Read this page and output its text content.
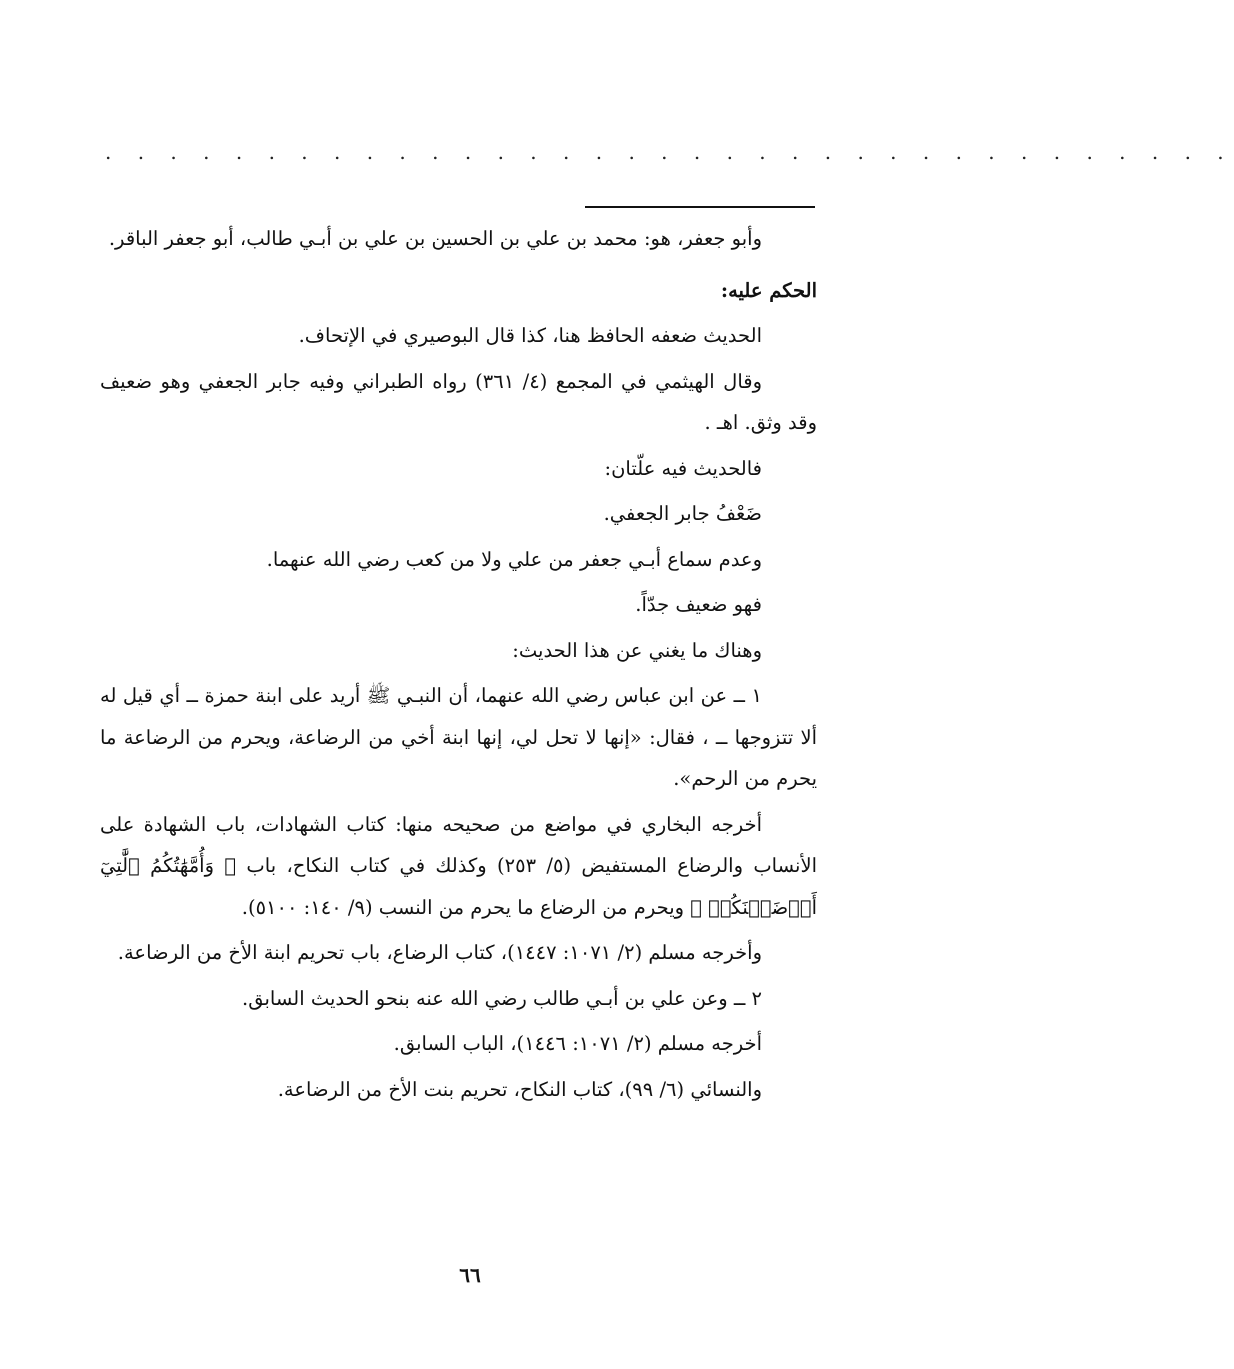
. . . . . . . . . . . . . . . . . . . . . . . . . . . . . . . . . . .

وأبو جعفر، هو: محمد بن علي بن الحسين بن علي بن أبـي طالب، أبو جعفر الباقر.

الحكم عليه:

الحديث ضعفه الحافظ هنا، كذا قال البوصيري في الإتحاف.

وقال الهيثمي في المجمع (٤/ ٣٦١) رواه الطبراني وفيه جابر الجعفي وهو ضعيف وقد وثق. اهـ .

فالحديث فيه علّتان:

ضَعْفُ جابر الجعفي.

وعدم سماع أبـي جعفر من علي ولا من كعب رضي الله عنهما.

فهو ضعيف جدّاً.

وهناك ما يغني عن هذا الحديث:

١ ــ عن ابن عباس رضي الله عنهما، أن النبـي ﷺ أريد على ابنة حمزة ــ أي قيل له ألا تتزوجها ــ ، فقال: «إنها لا تحل لي، إنها ابنة أخي من الرضاعة، ويحرم من الرضاعة ما يحرم من الرحم».

أخرجه البخاري في مواضع من صحيحه منها: كتاب الشهادات، باب الشهادة على الأنساب والرضاع المستفيض (٥/ ٢٥٣) وكذلك في كتاب النكاح، باب ﴿ وَأُمَّهَٰتُكُمُ ٱلَّٰتِيٓ أَرۡضَعۡنَكُمۡ ﴾ ويحرم من الرضاع ما يحرم من النسب (٩/ ١٤٠: ٥١٠٠).

وأخرجه مسلم (٢/ ١٠٧١: ١٤٤٧)، كتاب الرضاع، باب تحريم ابنة الأخ من الرضاعة.

٢ ــ وعن علي بن أبـي طالب رضي الله عنه بنحو الحديث السابق.

أخرجه مسلم (٢/ ١٠٧١: ١٤٤٦)، الباب السابق.

والنسائي (٦/ ٩٩)، كتاب النكاح، تحريم بنت الأخ من الرضاعة.

٦٦
